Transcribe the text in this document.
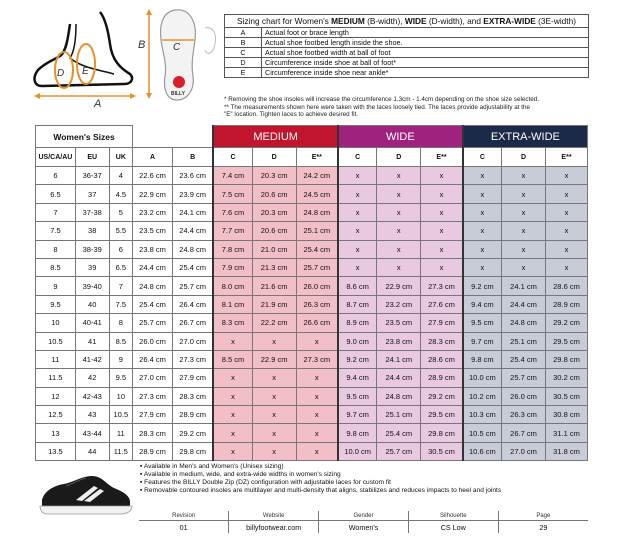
D E
A
B	C
BILLY
Sizing chart for Women's MEDIUM (B-width), WIDE (D-width), and EXTRA-WIDE (3E-width)	
A	Actual foot or brace length
B	Actual shoe footbed length inside the shoe.
C	Actual shoe footbed width at ball of foot
D	Circumference inside shoe at ball of foot*
E	Circumference inside shoe near ankle*
* Removing the shoe insoles will increase the circumference 1.3cm - 1.4cm depending on the shoe size selected.
** The measurements shown here were taken with the laces loosely tied. The laces provide adjustability at the
"E" location. Tighten laces to achieve desired fit.
Women's Sizes					MEDIUM			WIDE			EXTRA-WIDE		
US/CA/AU	EU	UK	A	B	C	D	E**	C	D	E**	C	D	E**
6	36-37	4	22.6 cm	23.6 cm	7.4 cm	20.3 cm	24.2 cm	x	x	x	x	x	x
6.5	37	4.5	22.9 cm	23.9 cm	7.5 cm	20.6 cm	24.5 cm	x	x	x	x	x	x
7	37-38	5	23.2 cm	24.1 cm	7.6 cm	20.3 cm	24.8 cm	x	x	x	x	x	x
7.5	38	5.5	23.5 cm	24.4 cm	7.7 cm	20.6 cm	25.1 cm	x	x	x	x	x	x
8	38-39	6	23.8 cm	24.8 cm	7.8 cm	21.0 cm	25.4 cm	x	x	x	x	x	x
8.5	39	6.5	24.4 cm	25.4 cm	7.9 cm	21.3 cm	25.7 cm	x	x	x	x	x	x
9	39-40	7	24.8 cm	25.7 cm	8.0 cm	21.6 cm	26.0 cm	8.6 cm	22.9 cm	27.3 cm	9.2 cm	24.1 cm	28.6 cm
9.5	40	7.5	25.4 cm	26.4 cm	8.1 cm	21.9 cm	26.3 cm	8.7 cm	23.2 cm	27.6 cm	9.4 cm	24.4 cm	28.9 cm
10	40-41	8	25.7 cm	26.7 cm	8.3 cm	22.2 cm	26.6 cm	8.9 cm	23.5 cm	27.9 cm	9.5 cm	24.8 cm	29.2 cm
10.5	41	8.5	26.0 cm	27.0 cm	x	x	x	9.0 cm	23.8 cm	28.3 cm	9.7 cm	25.1 cm	29.5 cm
11	41-42	9	26.4 cm	27.3 cm	8.5 cm	22.9 cm	27.3 cm	9.2 cm	24.1 cm	28.6 cm	9.8 cm	25.4 cm	29.8 cm
11.5	42	9.5	27.0 cm	27.9 cm	x	x	x	9.4 cm	24.4 cm	28.9 cm	10.0 cm	25.7 cm	30.2 cm
12	42-43	10	27.3 cm	28.3 cm	x	x	x	9.5 cm	24.8 cm	29.2 cm	10.2 cm	26.0 cm	30.5 cm
12.5	43	10.5	27.9 cm	28.9 cm	x	x	x	9.7 cm	25.1 cm	29.5 cm	10.3 cm	26.3 cm	30.8 cm
13	43-44	11	28.3 cm	29.2 cm	x	x	x	9.8 cm	25.4 cm	29.8 cm	10.5 cm	26.7 cm	31.1 cm
13.5	44	11.5	28.9 cm	29.8 cm	x	x	x	10.0 cm	25.7 cm	30.5 cm	10.6 cm	27.0 cm	31.8 cm
▪ Available in Men's and Women's (Unisex sizing)
▪ Available in medium, wide, and extra-wide widths in women's sizing
▪ Features the BILLY Double Zip (DZ) configuration with adjustable laces for custom fit
▪ Removable contoured insoles are multilayer and multi-density that aligns, stabilizes and reduces impacts to heel and joints
Revision	Website	Gender	Silhouette	Page
01	billyfootwear.com	Women's	CS Low	29
